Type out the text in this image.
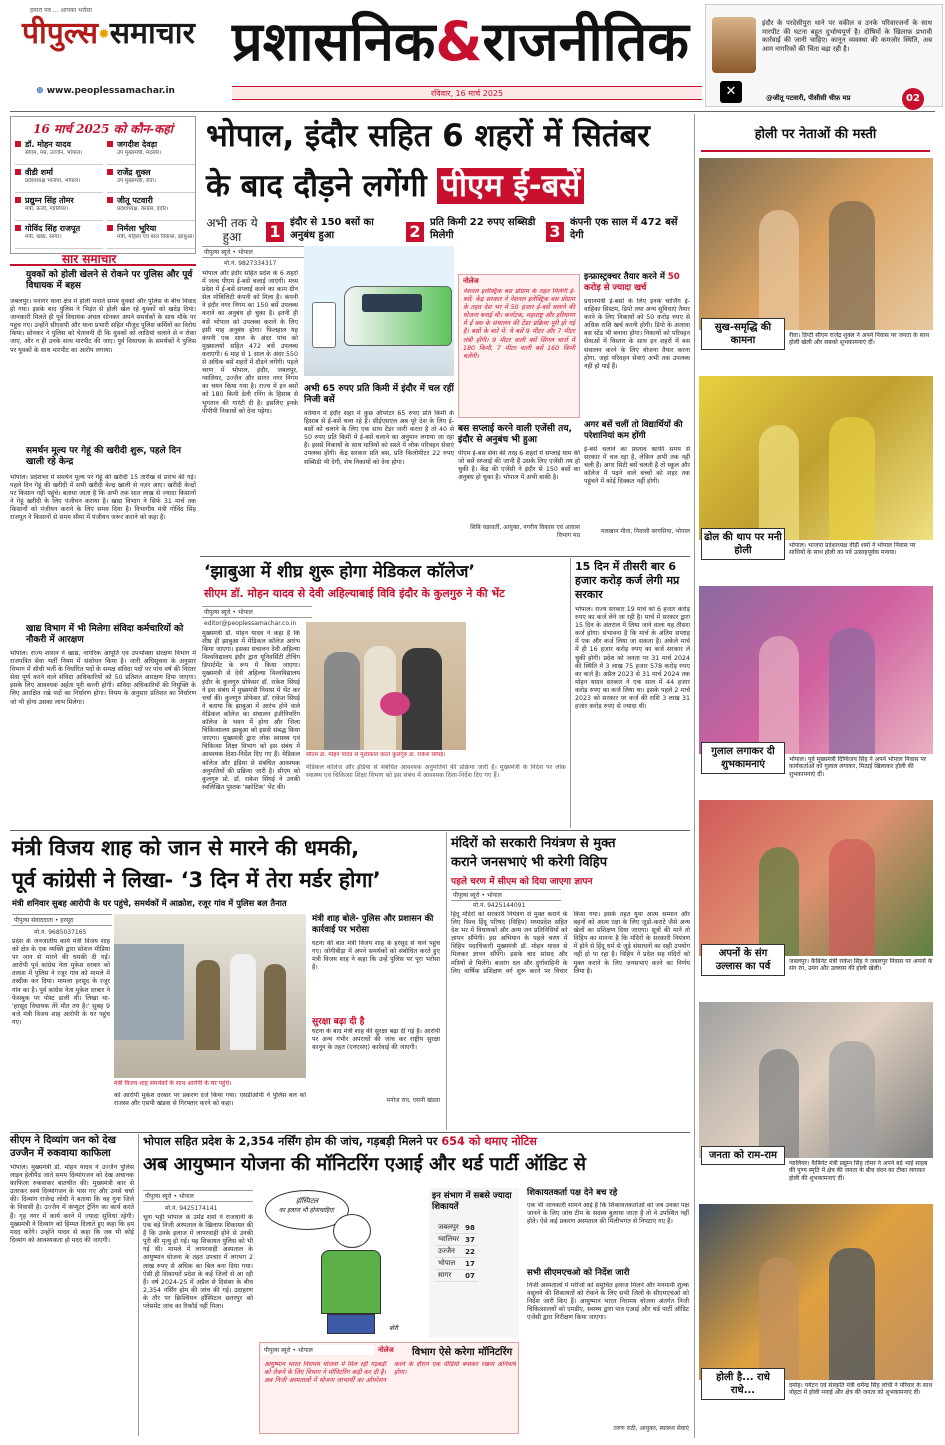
हमारा पत्र ... आपका भरोसा
पीपुल्स✹समाचार
⊕ www.peoplessamachar.in
प्रशासनिक&राजनीतिक
रविवार, 16 मार्च 2025	✕
इंदौर के परदेसीपुरा थाने पर वकील व उनके परिवारजनों के साथ मारपीट की घटना बहुत दुर्भाग्यपूर्ण है। दोषियों के खिलाफ़ प्रभावी कार्रवाई की जानी चाहिए। कानून व्यवस्था की कमजोर स्थिति, अब आम नागरिकों की चिंता बढ़ा रही है।
@जीतू पटवारी, पीसीसी चीफ़ मप्र	02
16 मार्च 2025 को कौन-कहां
डॉ. मोहन यादव
सीएम, मप्र, उज्जैन, भोपाल।
जगदीश देवड़ा
उप मुख्यमंत्री, मंदसौर।
वीडी शर्मा
प्रदेशाध्यक्ष भाजपा, भोपाल।
राजेंद्र शुक्ल
उप मुख्यमंत्री, रीवा।
प्रद्युम्न सिंह तोमर
मंत्री, ऊर्जा, ग्वालियर।
जीतू पटवारी
प्रदेशाध्यक्ष, कांग्रेस, इंदौर।
गोविंद सिंह राजपूत
मंत्री, खाद्य, सागर।
निर्मला भूरिया
मंत्री, महिला एवं बाल विकास, झाबुआ।
सार समाचार
युवकों को होली खेलने से रोकने पर पुलिस और पूर्व विधायक में बहस
जबलपुर। पनागर थाना क्षेत्र में होली मनाते समय युवकों और पुलिस के बीच विवाद हो गया। इसके बाद पुलिस ने भिड़ंत से होली खेल रहे युवकों को खदेड़ दिया। जानकारी मिलते ही पूर्व विधायक अंचल सोनकर अपने समर्थकों के साथ मौके पर पहुंच गए। उन्होंने सीएसपी और थाना प्रभारी सहित मौजूद पुलिस कर्मियों का विरोध किया। सोनकर ने पुलिस को चेतावनी दी कि युवकों को लाठियां चलाने से न रोका जाए, और न ही उनके साथ मारपीट की जाए। पूर्व विधायक के समर्थकों ने पुलिस पर युवकों के साथ मारपीट का आरोप लगाया।
समर्थन मूल्य पर गेहूं की खरीदी शुरू, पहले दिन खाली रहे केन्द्र
भोपाल। प्रदेशभर में समर्थन मूल्य पर गेहूं की खरीदी 15 तारीख से प्रारंभ की गई। पहले दिन गेहूं की खरीदी में सभी खरीदी केन्द्र खाली से नज़र आए। खरीदी केन्द्रों पर किसान नहीं पहुंचे। बताया जाता है कि अभी तक सात लाख से ज्यादा किसानों ने गेहूं खरीदी के लिए पंजीयन कराया है। खाद्य विभाग ने सिर्फ 31 मार्च तक किसानों को पंजीयन कराने के लिए समय दिया है। विभागीय मंत्री गोविंद सिंह राजपूत ने किसानों से समय सीमा में पंजीयन जरूर कराने को कहा है।
खाद्य विभाग में भी मिलेगा संविदा कर्मचारियों को नौकरी में आरक्षण
भोपाल। राज्य शासन ने खाद्य, नागरिक आपूर्ति एवं उपभोक्ता संरक्षण विभाग में राजपत्रित सेवा भर्ती नियम में संशोधन किया है। जारी अधिसूचना के अनुसार विभाग में सीधी भर्ती के निर्धारित पदों के समक्ष संविदा पदों पर पांच वर्ष की निरंतर सेवा पूर्ण करने वाले संविदा अधिकारियों को 50 प्रतिशत आरक्षण दिया जाएगा। इसके लिए आवश्यक अर्हता पूरी करनी होगी। संविदा अधिकारियों की नियुक्ति के लिए आरक्षित रखे पदों का निर्धारण होगा। नियम के अनुसार प्रतिशत का निर्धारण जो भी होगा उसका लाभ मिलेगा।
भोपाल, इंदौर सहित 6 शहरों में सितंबर
के बाद दौड़ने लगेंगी पीएम ई-बसें
अभी तक ये हुआ	1 इंदौर से 150 बसों का अनुबंध हुआ	2 प्रति किमी 22 रुपए सब्सिडी मिलेगी	3 कंपनी एक साल में 472 बसें देगी
पीपुल्स ब्यूरो • भोपाल
मो.नं. 9827334317
भोपाल और इंदौर सहित प्रदेश के 6 शहरों में जल्द पीएम ई-बसें चलाई जाएंगी। मध्य प्रदेश में ई-बसें सप्लाई करने का काम ग्रीन सेल मोबिलिटी कंपनी को मिला है। कंपनी ने इंदौर नगर निगम का 150 बसें उपलब्ध कराने का अनुबंध हो चुका है। इतनी ही बसें भोपाल को उपलब्ध कराने के लिए इसी माह अनुबंध होगा। फिलहाल यह कंपनी एक साल के अंदर पांच को मुख्यालयों सहित 472 बसें उपलब्ध कराएगी। 6 माह से 1 साल के अंदर 550 से अधिक बसें शहरों में दौड़ने लगेंगी। पहले चरण में भोपाल, इंदौर, जबलपुर, ग्वालियर, उज्जैन और सागर नगर निगम का चयन किया गया है। राज्य में इन बसों को 180 किमी डेली रनिंग के हिसाब से भुगतान की गारंटी दी है। इसलिए इनके पीपीपी निकायों को देना पड़ेगा।
अभी 65 रुपए प्रति किमी में इंदौर में चल रहीं निजी बसें
वर्तमान में इंदौर शहर में कुछ ऑपरेटर 65 रुपए प्रति किमी के हिसाब से ई-बसें चला रहे हैं। सीईएसएल अब पूरे देश के लिए ई-बसों को चलाने के लिए एक साथ टेंडर जारी करता है तो 40 से 50 रुपए प्रति किमी में ई-बसें चलाने का अनुमान लगाया जा रहा है। इससे निकायों के साथ यात्रियों को सस्ते में लोक परिवहन सेवाएं उपलब्ध होंगी। केंद्र सरकार प्रति बस, प्रति किलोमीटर 22 रुपए सब्सिडी भी देगी, शेष निकायों को देना होगा।
नोलेज
नेशनल इलेक्ट्रिक बस प्रोग्राम के तहत मिलेगी ई-बसें: केंद्र सरकार ने नेशनल इलेक्ट्रिक बस प्रोग्राम के तहत देश भर में 50 हजार ई-बसें चलाने की योजना बनाई थी। कर्नाटक, महाराष्ट्र और हरियाणा में ई बस के संचालन की टेंडर प्रक्रिया पूरी हो गई है। बसों के बारे में: ये बसें 9 मीटर और 7 मीटर लंबी होंगी। 9 मीटर वाली बसें सिंगल चार्ज में 180 किमी, 7 मीटर वाली बसें 160 किमी चलेंगी।
बस सप्लाई करने वाली एजेंसी तय, इंदौर से अनुबंध भी हुआ
पीएम ई-बस सेवा की तरह 6 शहरों में सप्लाई याम की जो बसें सप्लाई की जानी हैं उसके लिए एजेंसी तय हो चुकी है। केंद्र की एजेंसी ने इंदौर से 150 बसों का अनुबंध हो चुका है। भोपाल में अभी बाकी है।
सिबि चक्रवर्ती, आयुक्त, नगरीय विकास एवं आवास विभाग मप्र
इन्फ्रास्ट्रक्चर तैयार करने में 50 करोड़ से ज्यादा खर्च
प्रधानमंत्री ई-बसों के लिए इनके चार्जिंग ई-वाहिका सिस्टम, डिपो तथा अन्य सुविधाएं तैयार करने के लिए निकायों को 50 करोड़ रुपए से अधिक राशि खर्च करनी होगी। डिपो के अलावा बस स्टेंड भी बनाना होगा। निकायों को परिवहन सेवाओं में विस्तार के साथ इन शहरों में बस संचालन करने के लिए योजना तैयार करना होगा, जहां परिवहन सेवाएं अभी तक उपलब्ध नहीं हो पाई हैं।
अगर बसें चलीं तो विद्यार्थियों की परेशानियां कम होंगी
ई-बसें चलाने का प्रस्ताव काफी समय से सरकार में चल रहा है, लेकिन अभी तक नहीं चली हैं। अगर सिटी बसें चलती हैं तो स्कूल और कॉलेज में पढ़ने वाले बच्चों को शहर तक पहुंचने में कोई दिक्कत नहीं होगी।
मलखान मीना, निवासी बरगसिया, भोपाल
‘झाबुआ में शीघ्र शुरू होगा मेडिकल कॉलेज’
सीएम डॉ. मोहन यादव से देवी अहिल्याबाई विवि इंदौर के कुलगुरु ने की भेंट
पीपुल्स ब्यूरो • भोपाल
editor@peoplessamachar.co.in
मुख्यमंत्री डॉ. मोहन यादव ने कहा है कि शीघ्र ही झाबुआ में मेडिकल कॉलेज आरंभ किया जाएगा। इसका संचालन देवी अहिल्या विश्वविद्यालय इंदौर द्वारा यूनिवर्सिटी टीचिंग डिपार्टमेंट के रूप में किया जाएगा। मुख्यमंत्री से देवी अहिल्या विश्वविद्यालय इंदौर के कुलगुरु प्रोफेसर डॉ. राकेश सिंघई ने इस संबंध में मुख्यमंत्री निवास में भेंट कर चर्चा की। कुलगुरु प्रोफेसर डॉ. राकेश सिंघई ने बताया कि झाबुआ में आरंभ होने वाले मेडिकल कॉलेज का संचालन इंजीनियरिंग कॉलेज के भवन में होगा और जिला चिकित्सालय झाबुआ को इससे संबद्ध किया जाएगा। मुख्यमंत्री द्वारा लोक स्वास्थ्य एवं चिकित्सा शिक्षा विभाग को इस संबंध में आवश्यक दिशा-निर्देश दिए गए हैं। मेडिकल कॉलेज और इंडिया से संबंधित आवश्यक अनुमतियों की प्रक्रिया जारी है। सीएम को कुलगुरु प्रो. डॉ. राकेश सिंघई ने उनकी स्वलिखित पुस्तक ‘स्क्रोटिक’ भेंट की।
सीएम डॉ. मोहन यादव से मुलाकात करते कुलगुरु डॉ. राकेश सिंघई।
मेडिकल कॉलेज और इंडिया से संबंधित आवश्यक अनुमतियों की प्रक्रिया जारी है। मुख्यमंत्री के निर्देश पर लोक स्वास्थ्य एवं चिकित्सा शिक्षा विभाग को इस संबंध में आवश्यक दिशा-निर्देश दिए गए हैं।
15 दिन में तीसरी बार 6 हजार करोड़ कर्ज लेगी मप्र सरकार
भोपाल। राज्य सरकार 19 मार्च को 6 हजार करोड़ रुपए का कर्ज लेने जा रही है। मार्च में सरकार द्वारा 15 दिन के अंतराल में लिया जाने वाला यह तीसरा कर्ज होगा। संभावना है कि मार्च के अंतिम सप्ताह में एक और कर्ज लिया जा सकता है। अकेले मार्च में ही 16 हजार करोड़ रुपए का कर्ज सरकार ले चुकी होगी। प्रदेश को जनता पर 31 मार्च 2024 की स्थिति में 3 लाख 75 हजार 578 करोड़ रुपए का कर्ज है। अप्रैल 2023 से 31 मार्च 2024 तक मोहन यादव सरकार ने एक साल में 44 हजार करोड़ रुपए का कर्ज लिया था। इसके पहले 2 मार्च 2023 को सरकार पर कर्ज की राशि 3 लाख 31 हजार करोड़ रुपए से ज्यादा थी।
मंत्री विजय शाह को जान से मारने की धमकी,
पूर्व कांग्रेसी ने लिखा- ‘3 दिन में तेरा मर्डर होगा’
मंत्री शनिवार सुबह आरोपी के घर पहुंचे, समर्थकों में आक्रोश, रजूर गांव में पुलिस बल तैनात
पीपुल्स संवाददाता • हरसूद
मो.नं. 9685037165
प्रदेश के जनजातीय कार्य मंत्री विजय शाह को क्षेत्र के एक व्यक्ति द्वारा सोशल मीडिया पर जान से मारने की धमकी दी गई। आरोपी पूर्व कांग्रेस नेता मुकेश दरबार को तलाश में पुलिस ने रजूर गांव को मामले में तस्दीक कर दिया। मामला हरसूद के रजूर गांव का है। पूर्व कांग्रेस नेता मुकेश दरबार ने फेसबुक पर पोस्ट डाली थी। लिखा था- 'हरसूद विधायक तेरे मौत तय है।' सुबह 9 बजे मंत्री विजय शाह आरोपी के घर पहुंच गए।
मंत्री विजय शाह समर्थकों के साथ आरोपी के घर पहुंचे।
को आरोपी मुकेश दरबार पर प्रकरण दर्ज किया गया। एसडीओपी ने पुलिस बल को राजस्व और एसपी खंडवा से गिरफ्तार करने को कहा।
मंत्री शाह बोले- पुलिस और प्रशासन की कार्रवाई पर भरोसा
घटना की बात मंत्री विजय शाह के हरसूद से थाने पहुंच गए। जोगीबीड़ा में अपने समर्थकों को संबोधित करते हुए मंत्री विजय शाह ने कहा कि उन्हें पुलिस पर पूरा भरोसा है।
सुरक्षा बढ़ा दी है
घटना के बाद मंत्री शाह की सुरक्षा बढ़ा दी गई है। आरोपी पर अन्य गंभीर अपराधों की जांच कर राष्ट्रीय सुरक्षा कानून के तहत (एनएसए) कार्रवाई की जाएगी।
मनोज राय, एसपी खंडवा
मंदिरों को सरकारी नियंत्रण से मुक्त
कराने जनसभाएं भी करेगी विहिप
पहले चरण में सीएम को दिया जाएगा ज्ञापन
पीपुल्स ब्यूरो • भोपाल
मो.नं. 9425144091
हिंदू मंदिरों को सरकारी नियंत्रण से मुक्त कराने के लिए विश्व हिंदू परिषद (विहिप) मध्यप्रदेश सहित देश भर में विधायकों और अन्य जन प्रतिनिधियों को ज्ञापन सौंपेगी। इस अभियान के पहले चरण में विहिप पदाधिकारी मुख्यमंत्री डॉ. मोहन यादव से मिलकर ज्ञापन सौंपेंगे। इसके बाद सांसद और मंत्रियों से मिलेंगे। बजरंग दल और दुर्गावाहिनी के लिए वार्षिक प्रशिक्षण वर्ग शुरू करने पर विचार किया गया। इसके तहत युवा आत्म सम्मान और बहनों को आत्म रक्षा के लिए जूडो-कराटे जैसे अन्य खेलों का प्रशिक्षण दिया जाएगा। सूत्रों की मानें तो विहिप का मानना है कि मंदिरों के सरकारी नियंत्रण में होने से हिंदू धर्म से जुड़े संसाधनों का सही उपयोग नहीं हो पा रहा है। विहिप ने प्रदेश सह मंदिरों को मुक्त कराने के लिए जनसभाएं करने का निर्णय लिया है।
सीएम ने दिव्यांग जन को देख उज्जैन में रुकवाया काफिला
भोपाल। मुख्यमंत्री डॉ. मोहन यादव ने उज्जैन पुलिस लाइन हेलीपैड जाते समय दिव्यांगजन को देख अचानक काफिला रुकवाकर बातचीत की। मुख्यमंत्री कार से उतरकर स्वयं दिव्यांगजन के पास गए और उनसे चर्चा की। दिव्यांग राजेन्द्र लोधी ने बताया कि वह गुना जिले के निवासी है। उज्जैन में कंप्यूटर ट्रेनिंग का कार्य करते हैं। गृह नगर में कार्य करने में ज्यादा सुविधा रहेगी। मुख्यमंत्री ने दिव्यांग को हिम्मत दिलाते हुए कहा कि हम मदद करेंगे। उन्होंने यादव से कहा कि जब भी कोई दिव्यांग को आवश्यकता हो मदद की जाएगी।
भोपाल सहित प्रदेश के 2,354 नर्सिंग होम की जांच, गड़बड़ी मिलने पर 654 को थमाए नोटिस
अब आयुष्मान योजना की मॉनिटरिंग एआई और थर्ड पार्टी ऑडिट से
पीपुल्स ब्यूरो • भोपाल
मो.नं. 9425174141
चूना भट्टी भोपाल के उमेंद्र शर्मा ने राजधानी के एक बड़े निजी अस्पताल के खिलाफ शिकायत की है कि उनके इलाज में लापरवाही होने से उनकी पूरी की मृत्यु हो गई। यह शिकायत पुलिस को भी गई थी। मामले में लापरवाही अस्पताल के आयुष्मान योजना के तहत उपचार में लगभग 2 लाख रुपए से अधिक का बिल बना दिया गया। ऐसी ही शिकायतें प्रदेश के कई जिलों से आ रही हैं। वर्ष 2024-25 में अप्रैल से दिसंबर के बीच 2,354 नर्सिंग होम की जांच की गई। उदाहरण के तौर पर क्रिश्चियन हॉस्पिटल छतरपुर को प्लेसमेंट जांच का रिकॉर्ड नहीं मिला।
हॉस्पिटल
का इलाज भी होनाचाहिए!
बोरी
इन संभाग में सबसे ज्यादा शिकायतें
जबलपुर	98
ग्वालियर	37
उज्जैन	22
भोपाल	17
सागर	07
शिकायतकर्ता पक्ष देने बच रहे
एक भी जानकारी सामने आई है कि शिकायतकर्ताओं को जब उनका पक्ष जानने के लिए जांच टीम के सदस्य बुलाया जाता है तो वे उपस्थित नहीं होते। ऐसे कई प्रकरण अस्पताल की मिलीभगत से निपटाए गए हैं।
पीपुल्स ब्यूरो • भोपाल	नोलेज विभाग ऐसे करेगा मॉनिटरिंग
आयुष्मान भारत निरामय योजना में मिल रही गड़बड़ी को रोकने के लिए विभाग ने मॉनिटरिंग कड़ी कर दी है। अब निजी अस्पतालों में योजना लाभार्थी का ऑपरेशन करने के दौरान एक वीडियो बनाकर रखना अनिवार्य होगा।
सभी सीएमएचओ को निर्देश जारी
निजी अस्पतालों में मरीजों को समुचित इलाज मिलने और मनमानी शुल्क वसूलने की शिकायतों को रोकने के लिए सभी जिलों के सीएमएचओ को निर्देश जारी किए हैं। आयुष्मान भारत निरामय योजना अंतर्गत निजी चिकित्सालयों को एमडीए, स्वस्थ्य द्वारा पात्र एआई और थर्ड पार्टी ऑडिट एजेंसी द्वारा निरीक्षण किया जाएगा।
तरुण राठी, आयुक्त, स्वास्थ्य सेवाएं
होली पर नेताओं की मस्ती
सुख-समृद्धि की कामना	रीवा। डिप्टी सीएम राजेंद्र शुक्ल ने अपने निवास पर जनता के साथ होली खेली और सबको शुभकामनाएं दीं।
ढोल की थाप पर मनी होली	भोपाल। भाजपा प्रदेशाध्यक्ष वीडी शर्मा ने भोपाल निवास पर साथियों के साथ होली का पर्व उत्साहपूर्वक मनाया।
गुलाल लगाकर दी शुभकामनाएं	भोपाल। पूर्व मुख्यमंत्री दिग्विजय सिंह ने अपने भोपाल निवास पर कार्यकर्ताओं को गुलाल लगाकर, मिठाई खिलाकर होली की शुभकामनाएं दीं।
अपनों के संग उल्लास का पर्व	जबलपुर। कैबिनेट मंत्री राकेश सिंह ने जबलपुर निवास पर अपनों के संग रंग, उमंग और उल्लास की होली खेली।
जनता को राम-राम
ग्वालियर। कैबिनेट मंत्री प्रद्युम्न सिंह तोमर ने अपने बड़े भाई साहब की पुण्य स्मृति में क्षेत्र की जनता के बीच वंदन का टीका लगाकर होली की शुभकामनाएं दीं।
होली है... राधे राधे...	दमोह। पर्यटन एवं संस्कृति मंत्री धर्मेन्द्र सिंह लोधी ने परिवार के साथ नोहटा में होली मनाई और क्षेत्र की जनता को शुभकामनाएं दीं।
